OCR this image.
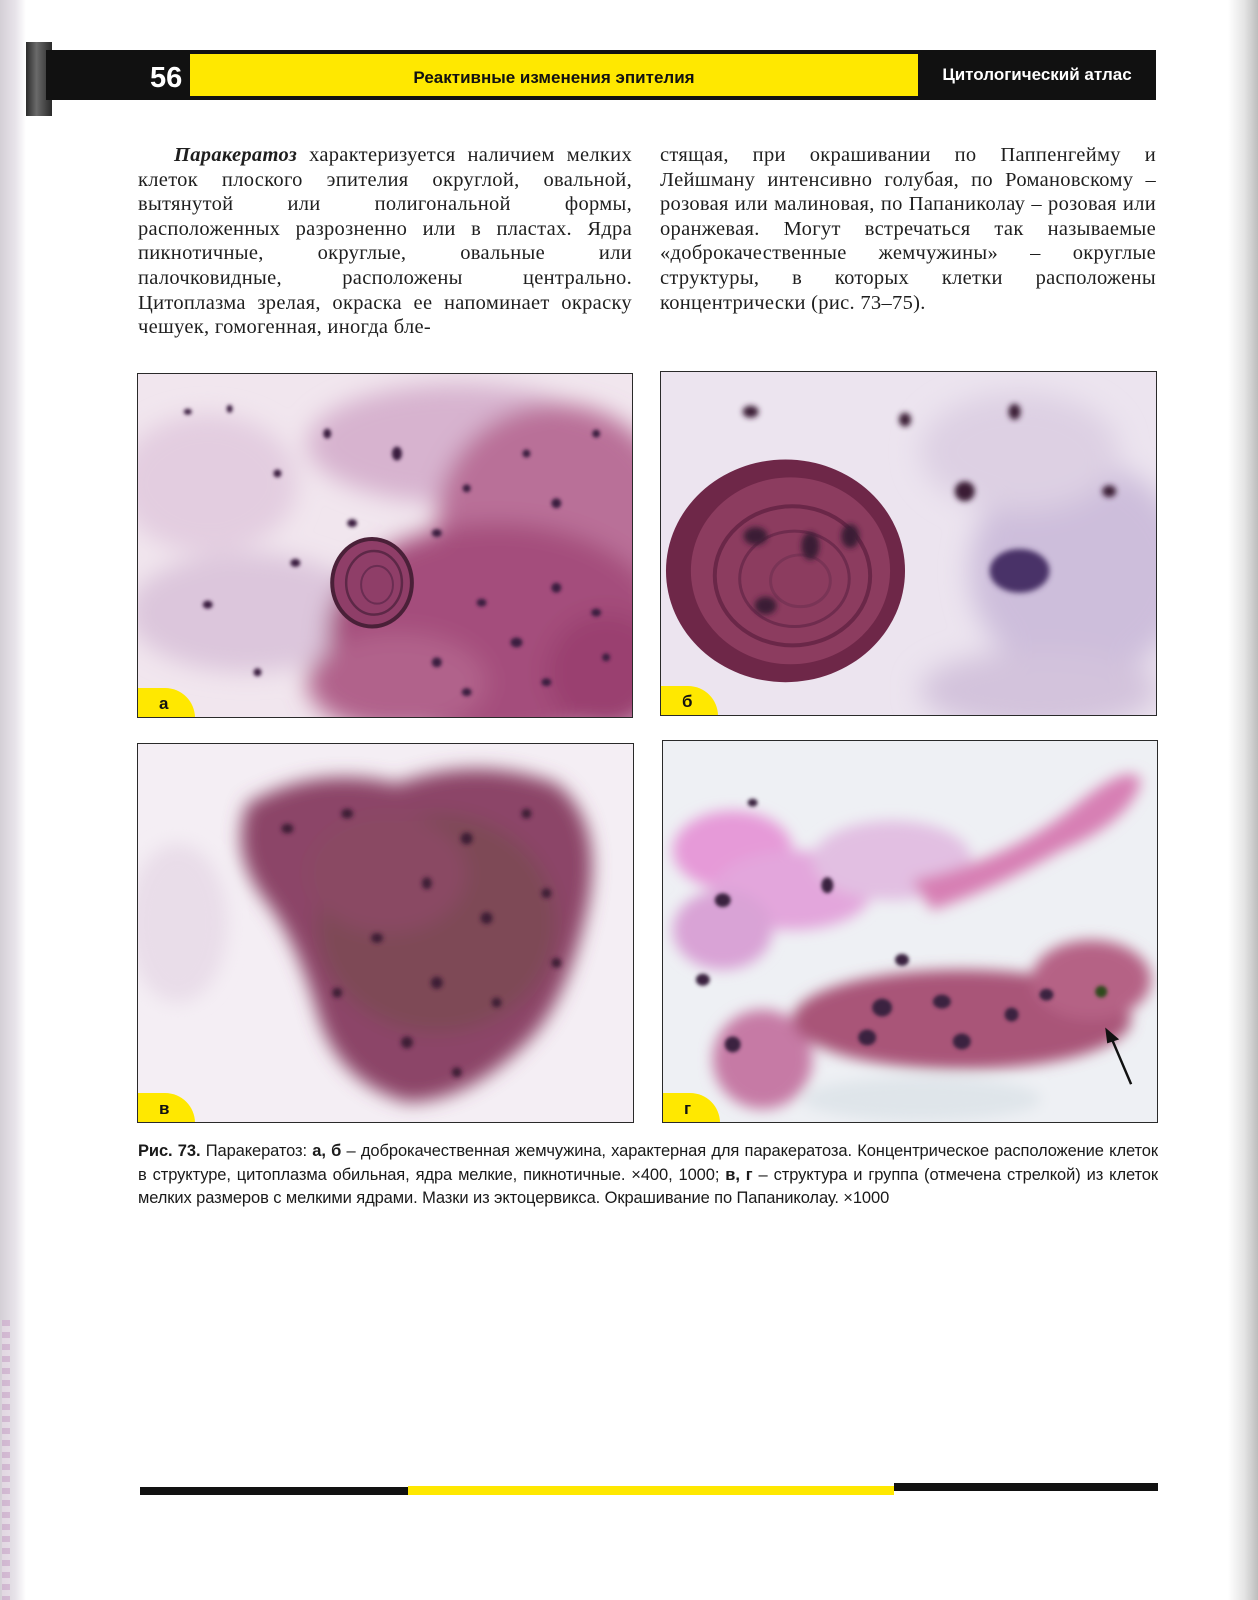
56	Реактивные изменения эпителия	Цитологический атлас
Паракератоз характеризуется наличием мелких клеток плоского эпителия округлой, овальной, вытянутой или полигональной формы, расположенных разрозненно или в пластах. Ядра пикнотичные, округлые, овальные или палочковидные, расположены центрально. Цитоплазма зрелая, окраска ее напоминает окраску чешуек, гомогенная, иногда бле-
стящая, при окрашивании по Паппенгейму и Лейшману интенсивно голубая, по Романовскому – розовая или малиновая, по Папаниколау – розовая или оранжевая. Могут встречаться так называемые «доброкачественные жемчужины» – округлые структуры, в которых клетки расположены концентрически (рис. 73–75).
а	б
в	г
Рис. 73. Паракератоз: а, б – доброкачественная жемчужина, характерная для паракератоза. Концентрическое расположение клеток в структуре, цитоплазма обильная, ядра мелкие, пикнотичные. ×400, 1000; в, г – структура и группа (отмечена стрелкой) из клеток мелких размеров с мелкими ядрами. Мазки из эктоцервикса. Окрашивание по Папаниколау. ×1000
